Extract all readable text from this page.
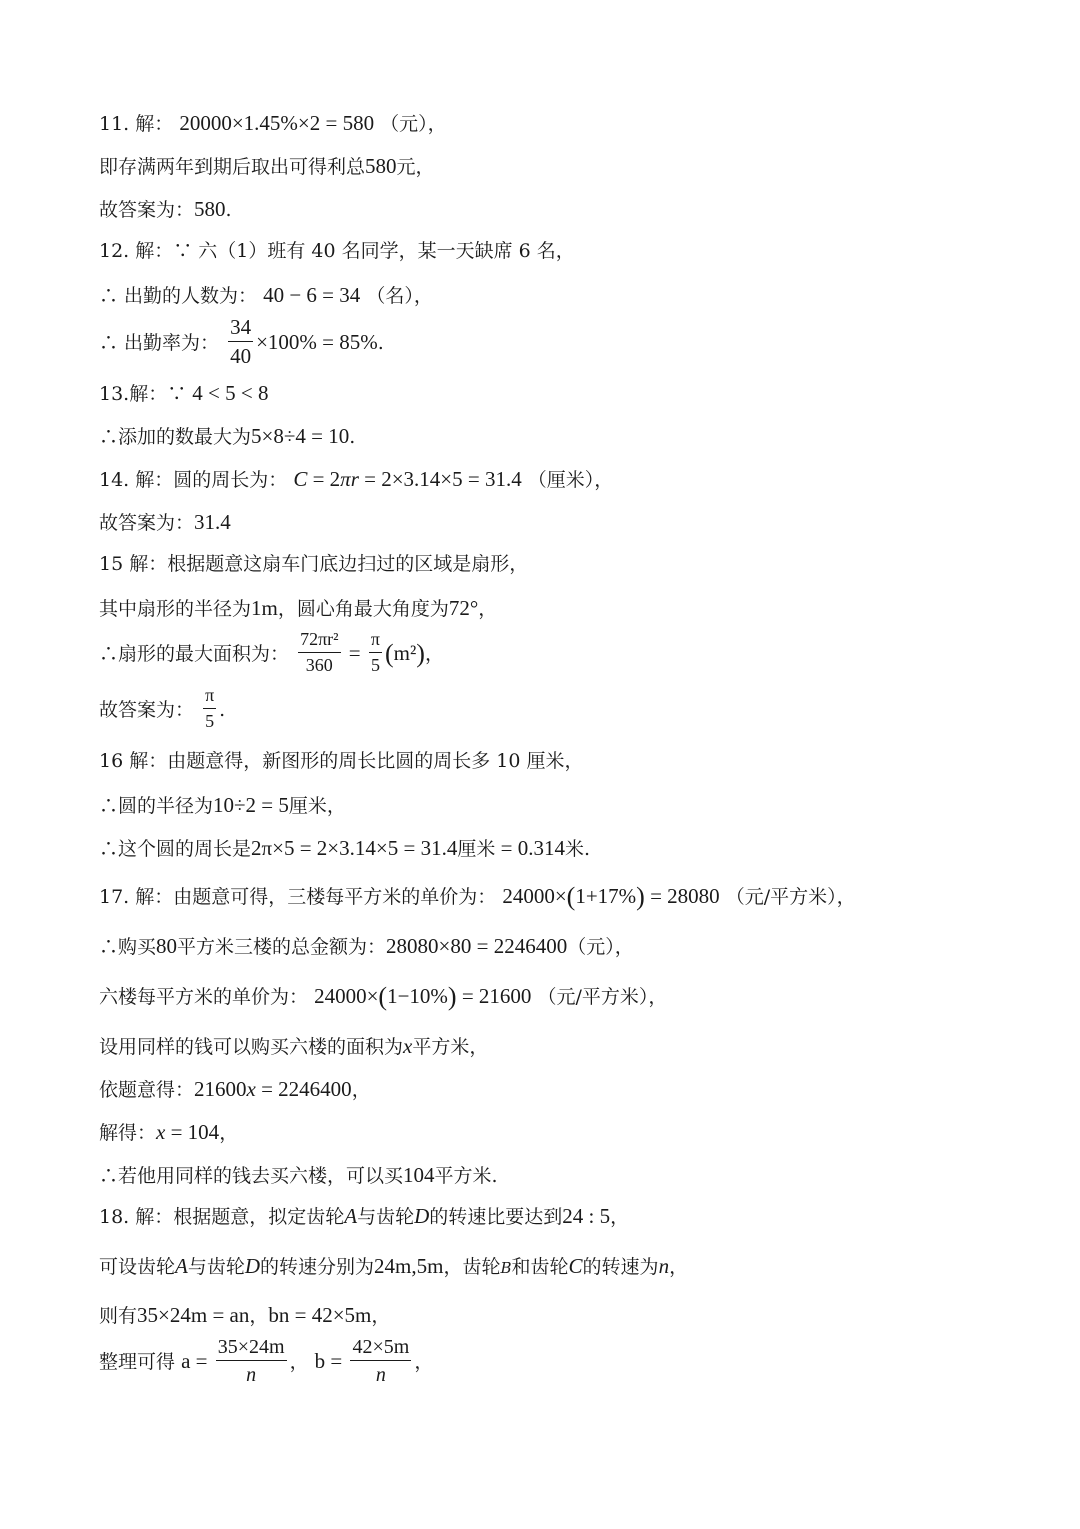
11. 解： 20000×1.45%×2 = 580 （元），
即存满两年到期后取出可得利总580元，
故答案为：580.
12. 解：∵ 六（1）班有 40 名同学，某一天缺席 6 名，
∴ 出勤的人数为： 40 − 6 = 34 （名），
∴ 出勤率为： $\frac{34}{40} \times 100\% = 85\%$.
13.解：∵ 4 < 5 < 8
∴添加的数最大为5×8÷4 = 10.
14. 解：圆的周长为： C = 2πr = 2×3.14×5 = 31.4 （厘米），
故答案为：31.4
15 解：根据题意这扇车门底边扫过的区域是扇形，
其中扇形的半径为1m，圆心角最大角度为72°，
∴扇形的最大面积为： $\frac{\text{72πr²}}{360} = \frac{\pi}{5} (m^2)$，
故答案为： $\frac{\pi}{5}$ .
16 解：由题意得，新图形的周长比圆的周长多 10 厘米，
∴圆的半径为10÷2 = 5厘米，
∴这个圆的周长是2π×5 = 2×3.14×5 = 31.4厘米 = 0.314米.
17. 解：由题意可得，三楼每平方米的单价为： 24000×(1+17%) = 28080 （元/平方米），
∴购买80平方米三楼的总金额为：28080×80 = 2246400（元），
六楼每平方米的单价为： 24000×(1−10%) = 21600 （元/平方米），
设用同样的钱可以购买六楼的面积为x平方米，
依题意得：21600x = 2246400，
解得：x = 104，
∴若他用同样的钱去买六楼，可以买104平方米.
18. 解：根据题意，拟定齿轮A与齿轮D的转速比要达到24 : 5，
可设齿轮A与齿轮D的转速分别为24m,5m，齿轮B和齿轮C的转速为n，
则有35×24m = an，bn = 42×5m，
整理可得 $a = \frac{35\times 24m}{n}$ ， $b = \frac{42\times 5m}{n}$ ，
